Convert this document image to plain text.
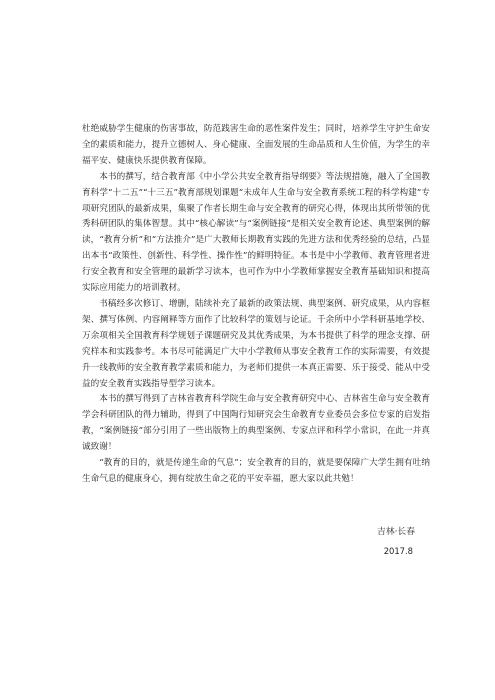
杜绝威胁学生健康的伤害事故，防范践害生命的恶性案件发生；同时，培养学生守护生命安全的素质和能力，提升立德树人、身心健康、全面发展的生命品质和人生价值，为学生的幸福平安、健康快乐提供教育保障。

本书的撰写，结合教育部《中小学公共安全教育指导纲要》等法规措施，融入了全国教育科学“十二五”“十三五”教育部规划课题“未成年人生命与安全教育系统工程的科学构建”专项研究团队的最新成果，集聚了作者长期生命与安全教育的研究心得，体现出其所带领的优秀科研团队的集体智慧。其中“核心解读”与“案例链接”是相关安全教育论述、典型案例的解读，“教育分析”和“方法推介”是广大教师长期教育实践的先进方法和优秀经验的总结，凸显出本书“政策性、创新性、科学性、操作性”的鲜明特征。本书是中小学教师、教育管理者进行安全教育和安全管理的最新学习读本，也可作为中小学教师掌握安全教育基础知识和提高实际应用能力的培训教材。

书稿经多次修订、增删，陆续补充了最新的政策法规、典型案例、研究成果，从内容框架、撰写体例、内容阐释等方面作了比较科学的策划与论证。千余所中小学科研基地学校、万余项相关全国教育科学规划子课题研究及其优秀成果，为本书提供了科学的理念支撑、研究样本和实践参考。本书尽可能满足广大中小学教师从事安全教育工作的实际需要，有效提升一线教师的安全教育教学素质和能力，为老师们提供一本真正需要、乐于接受、能从中受益的安全教育实践指导型学习读本。

本书的撰写得到了吉林省教育科学院生命与安全教育研究中心、吉林省生命与安全教育学会科研团队的得力辅助，得到了中国陶行知研究会生命教育专业委员会多位专家的启发指教，“案例链接”部分引用了一些出版物上的典型案例、专家点评和科学小常识，在此一并真诚致谢！

“教育的目的，就是传递生命的气息”；安全教育的目的，就是要保障广大学生拥有吐纳生命气息的健康身心，拥有绽放生命之花的平安幸福，愿大家以此共勉！

吉林·长春
2017.8
